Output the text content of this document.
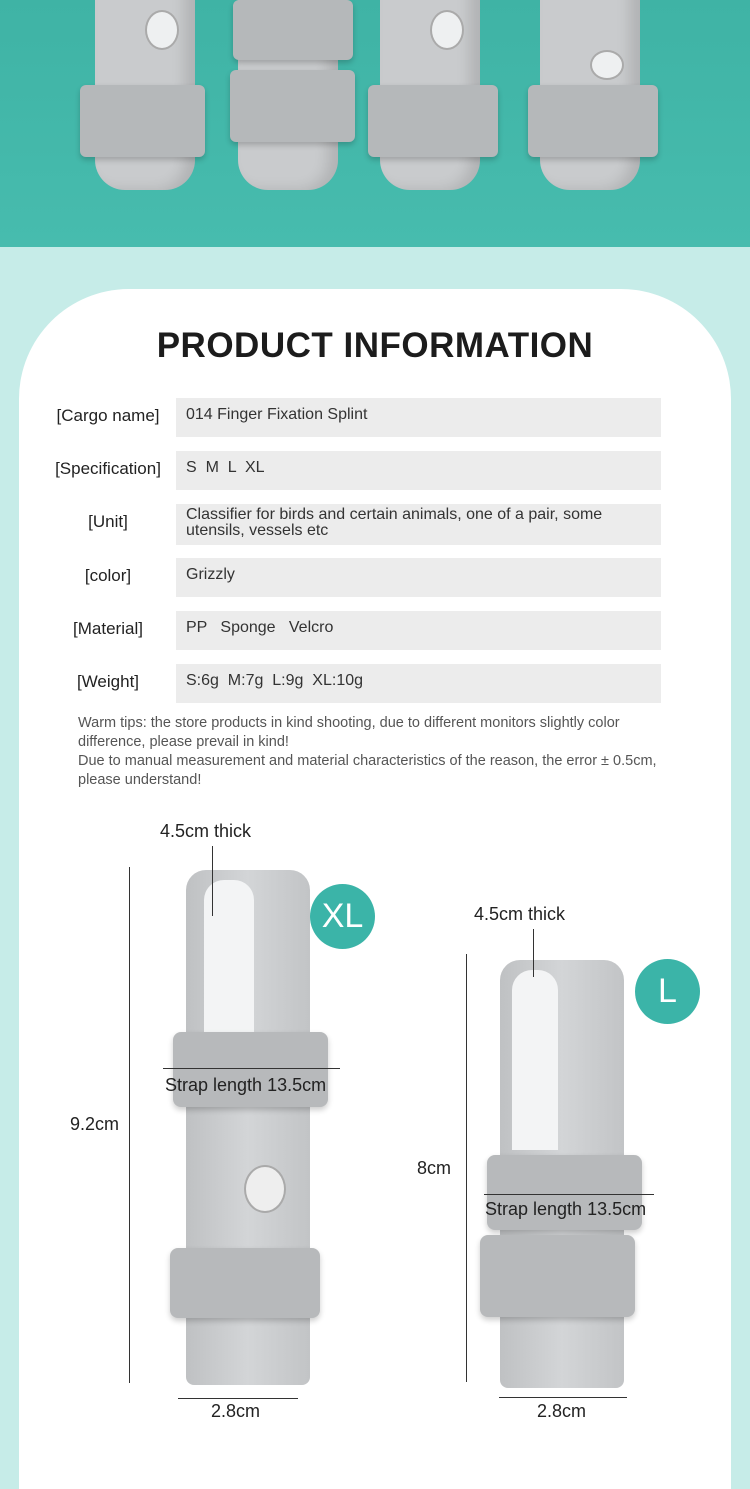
PRODUCT INFORMATION
[Cargo name]	014 Finger Fixation Splint
[Specification]	S  M  L  XL
[Unit]	Classifier for birds and certain animals, one of a pair, some utensils, vessels etc
[color]	Grizzly
[Material]	PP   Sponge   Velcro
[Weight]	S:6g  M:7g  L:9g  XL:10g
Warm tips: the store products in kind shooting, due to different monitors slightly color difference, please prevail in kind!
Due to manual measurement and material characteristics of the reason, the error ± 0.5cm, please understand!
4.5cm thick
XL
Strap length 13.5cm
9.2cm
2.8cm
4.5cm thick
L
Strap length 13.5cm
8cm
2.8cm
